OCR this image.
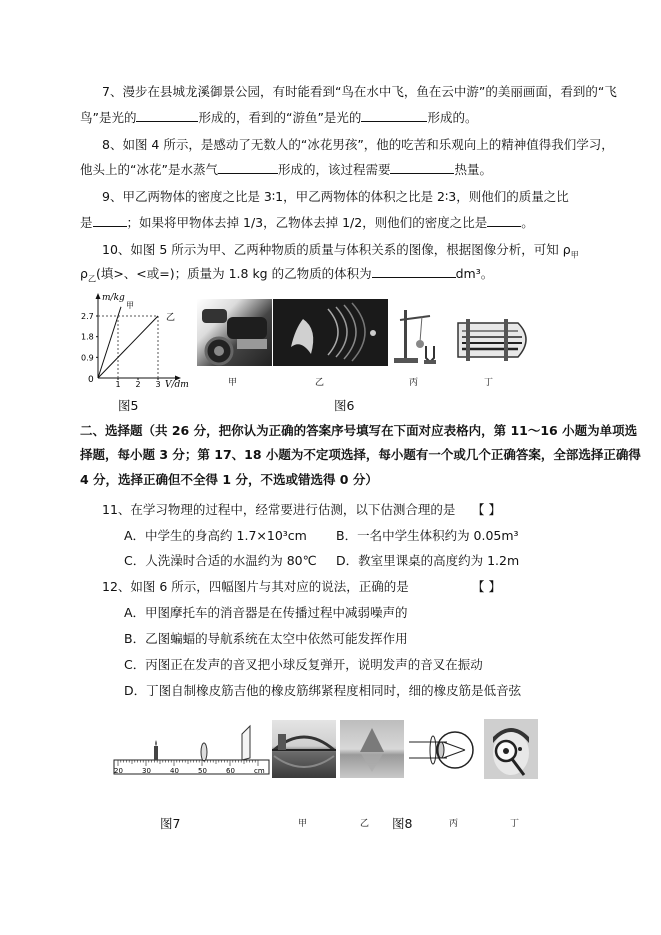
7、漫步在县城龙溪御景公园，有时能看到“鸟在水中飞，鱼在云中游”的美丽画面，看到的“飞
鸟”是光的	形成的，看到的“游鱼”是光的	形成的。
8、如图 4 所示，是感动了无数人的“冰花男孩”，他的吃苦和乐观向上的精神值得我们学习，
他头上的“冰花”是水蒸气	形成的，该过程需要	热量。
9、甲乙两物体的密度之比是 3∶1，甲乙两物体的体积之比是 2∶3，则他们的质量之比
是	；如果将甲物体去掉 1/3，乙物体去掉 1/2，则他们的密度之比是	。
10、如图 5 所示为甲、乙两种物质的质量与体积关系的图像，根据图像分析，可知 $\rho_甲$
$\rho_乙$(填>、<或=)；质量为 1.8 kg 的乙物质的体积为	dm³。
0.9
1.8
2.7
1 2 3
m/kg
V/dm
甲
乙
0
图5
甲	乙	丙	丁
图6
二、选择题（共 26 分，把你认为正确的答案序号填写在下面对应表格内，第 11～16 小题为单项选
择题，每小题 3 分；第 17、18 小题为不定项选择，每小题有一个或几个正确答案，全部选择正确得
4 分，选择正确但不全得 1 分，不选或错选得 0 分）
11、在学习物理的过程中，经常要进行估测，以下估测合理的是 【 】
A．中学生的身高约 1.7×10³cm B．一名中学生体积约为 0.05m³
C．人洗澡时合适的水温约为 80℃ D．教室里课桌的高度约为 1.2m
12、如图 6 所示，四幅图片与其对应的说法，正确的是	【 】
A．甲图摩托车的消音器是在传播过程中减弱噪声的
B．乙图蝙蝠的导航系统在太空中依然可能发挥作用
C．丙图正在发声的音叉把小球反复弹开，说明发声的音叉在振动
D．丁图自制橡皮筋吉他的橡皮筋绑紧程度相同时，细的橡皮筋是低音弦
20	30	40	50	60	cm
图7	甲	乙 图8	丙	丁
